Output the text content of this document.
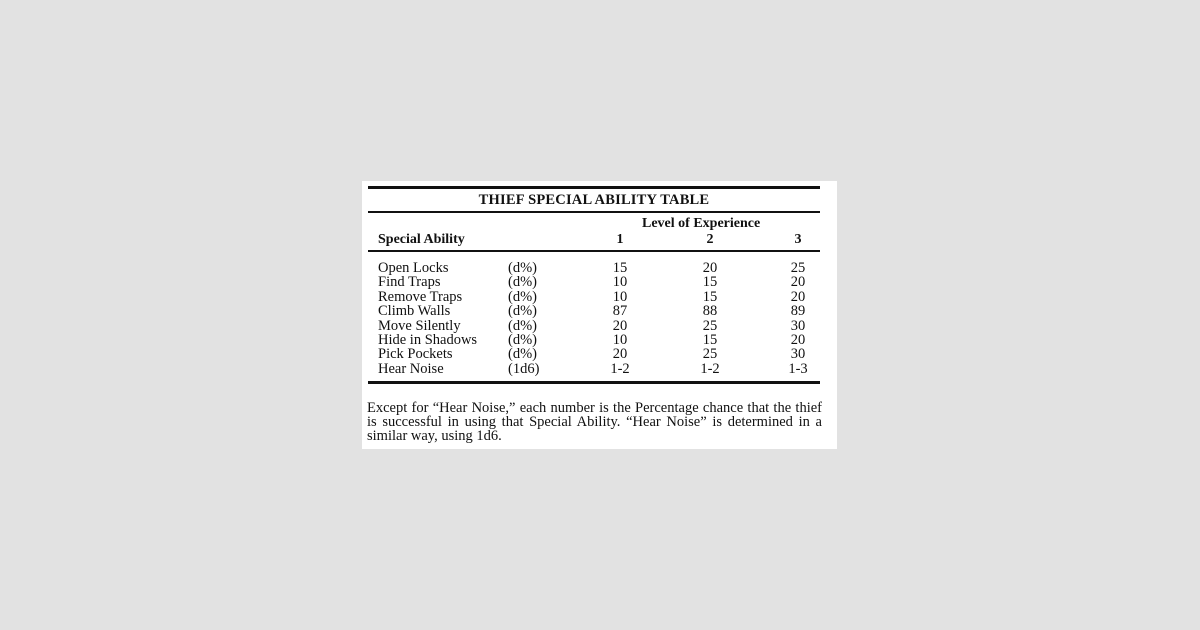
THIEF SPECIAL ABILITY TABLE
Level of Experience
Special Ability	1	2	3
Open Locks	(d%)	15	20	25
Find Traps	(d%)	10	15	20
Remove Traps	(d%)	10	15	20
Climb Walls	(d%)	87	88	89
Move Silently	(d%)	20	25	30
Hide in Shadows (d%)	10	15	20
Pick Pockets	(d%)	20	25	30
Hear Noise	(1d6)	1-2	1-2	1-3
Except for “Hear Noise,” each number is the Percentage chance that the thief is successful in using that Special Ability. “Hear Noise” is determined in a similar way, using 1d6.
